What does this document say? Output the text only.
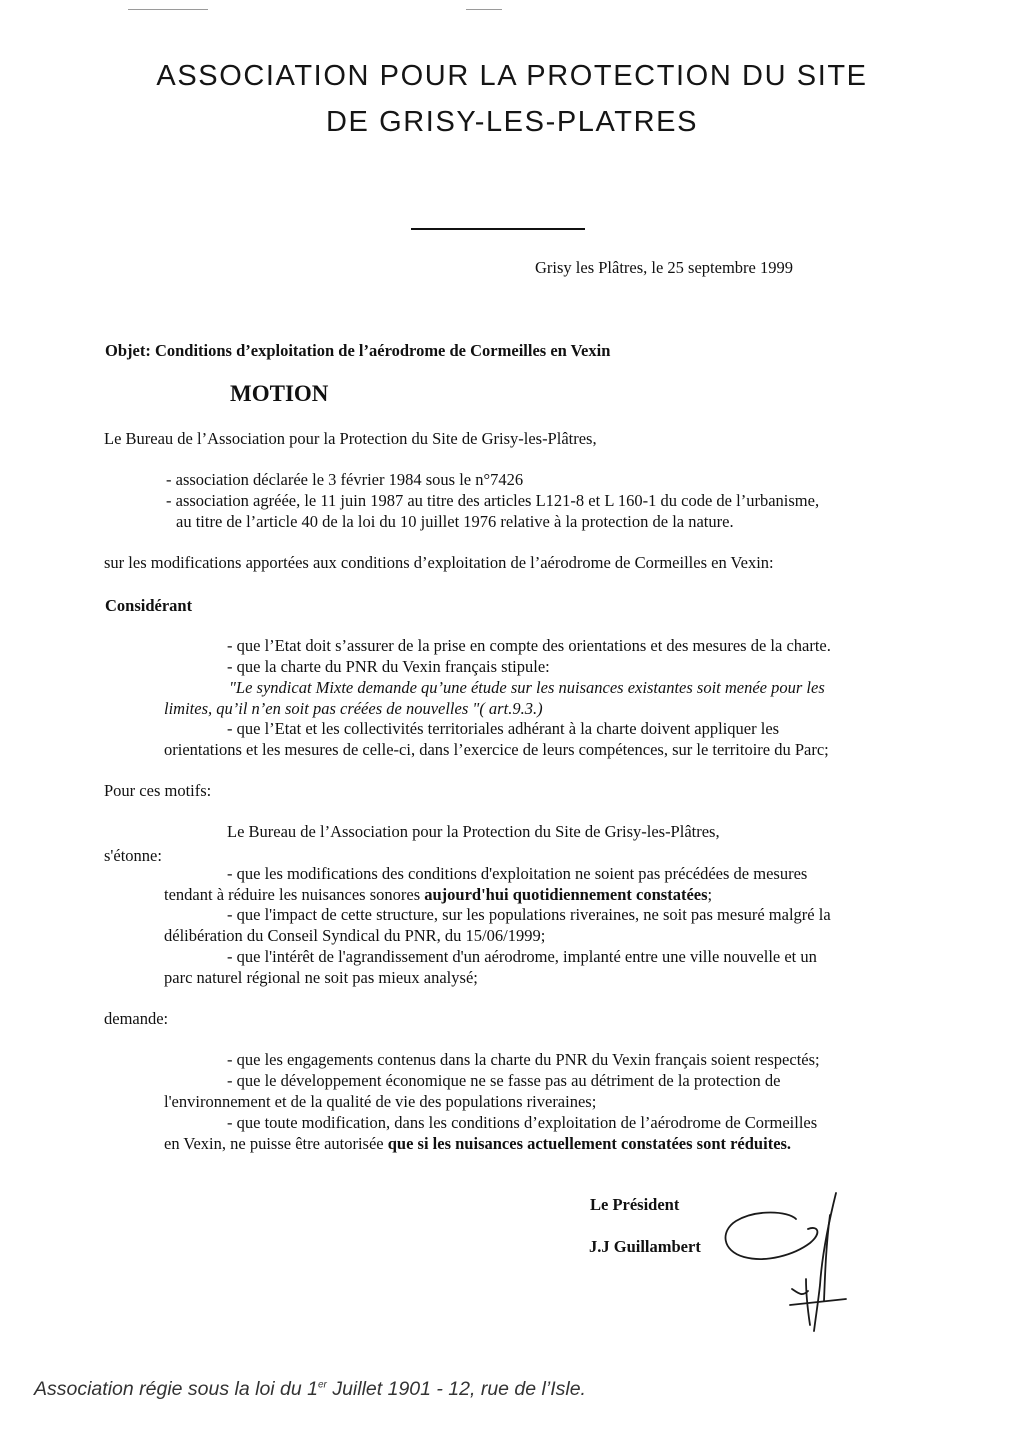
ASSOCIATION POUR LA PROTECTION DU SITE
DE GRISY-LES-PLATRES
Grisy les Plâtres, le 25 septembre 1999
Objet: Conditions d’exploitation de l’aérodrome de Cormeilles en Vexin
MOTION
Le Bureau de l’Association pour la Protection du Site de Grisy-les-Plâtres,
- association déclarée le 3 février 1984 sous le n°7426
- association agréée, le 11 juin 1987 au titre des articles L121-8 et L 160-1 du code de l’urbanisme,
au titre de l’article 40 de la loi du 10 juillet 1976 relative à la protection de la nature.
sur les modifications apportées aux conditions d’exploitation de l’aérodrome de Cormeilles en Vexin:
Considérant
- que l’Etat doit s’assurer de la prise en compte des orientations et des mesures de la charte.
- que la charte du PNR du Vexin français stipule:
"Le syndicat Mixte demande qu’une étude sur les nuisances existantes soit menée pour les
limites, qu’il n’en soit pas créées de nouvelles "( art.9.3.)
- que l’Etat et les collectivités territoriales adhérant à la charte doivent appliquer les
orientations et les mesures de celle-ci, dans l’exercice de leurs compétences, sur le territoire du Parc;
Pour ces motifs:
Le Bureau de l’Association pour la Protection du Site de Grisy-les-Plâtres,
s'étonne:
- que les modifications des conditions d'exploitation ne soient pas précédées de mesures
tendant à réduire les nuisances sonores aujourd'hui quotidiennement constatées;
- que l'impact de cette structure, sur les populations riveraines, ne soit pas mesuré malgré la
délibération du Conseil Syndical du PNR, du 15/06/1999;
- que l'intérêt de l'agrandissement d'un aérodrome, implanté entre une ville nouvelle et un
parc naturel régional ne soit pas mieux analysé;
demande:
- que les engagements contenus dans la charte du PNR du Vexin français soient respectés;
- que le développement économique ne se fasse pas au détriment de la protection de
l'environnement et de la qualité de vie des populations riveraines;
- que toute modification, dans les conditions d’exploitation de l’aérodrome de Cormeilles
en Vexin, ne puisse être autorisée que si les nuisances actuellement constatées sont réduites.
Le Président
J.J Guillambert
Association régie sous la loi du 1er Juillet 1901 - 12, rue de l’Isle.
